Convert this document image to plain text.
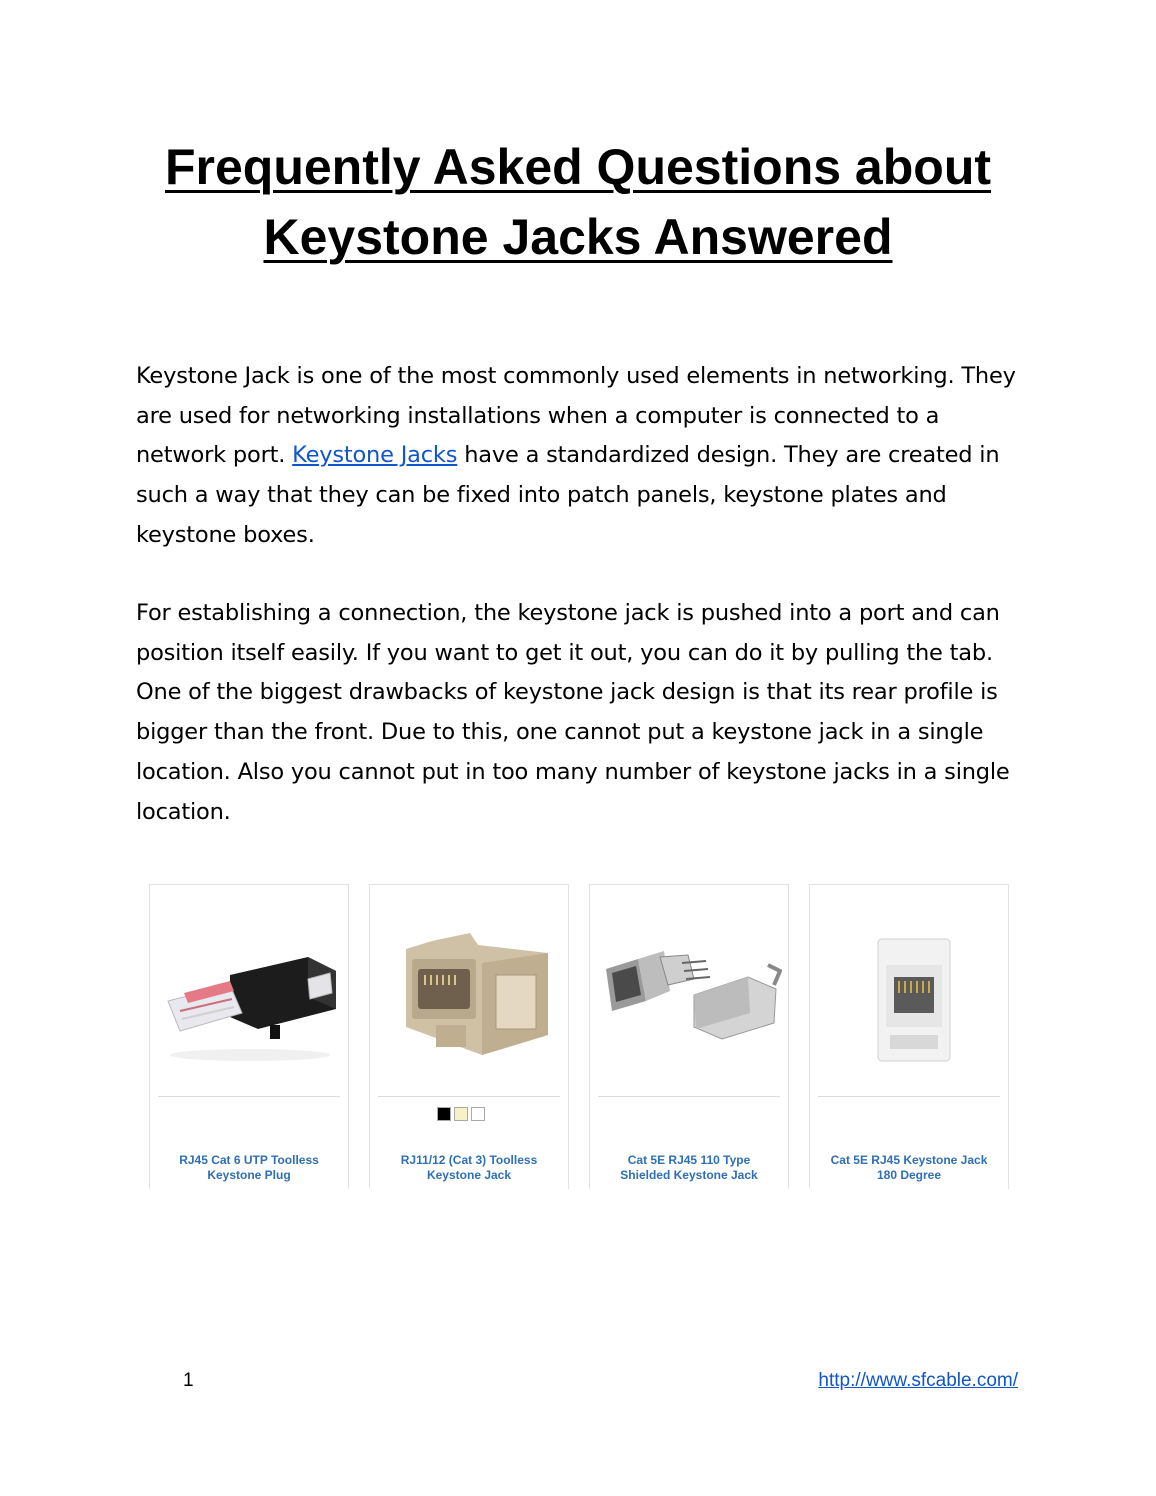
Frequently Asked Questions about
Keystone Jacks Answered

Keystone Jack is one of the most commonly used elements in networking. They are used for networking installations when a computer is connected to a network port. Keystone Jacks have a standardized design. They are created in such a way that they can be fixed into patch panels, keystone plates and keystone boxes.

For establishing a connection, the keystone jack is pushed into a port and can position itself easily. If you want to get it out, you can do it by pulling the tab. One of the biggest drawbacks of keystone jack design is that its rear profile is bigger than the front. Due to this, one cannot put a keystone jack in a single location. Also you cannot put in too many number of keystone jacks in a single location.

RJ45 Cat 6 UTP Toolless Keystone Plug
RJ11/12 (Cat 3) Toolless Keystone Jack
Cat 5E RJ45 110 Type Shielded Keystone Jack
Cat 5E RJ45 Keystone Jack 180 Degree
1	http://www.sfcable.com/
